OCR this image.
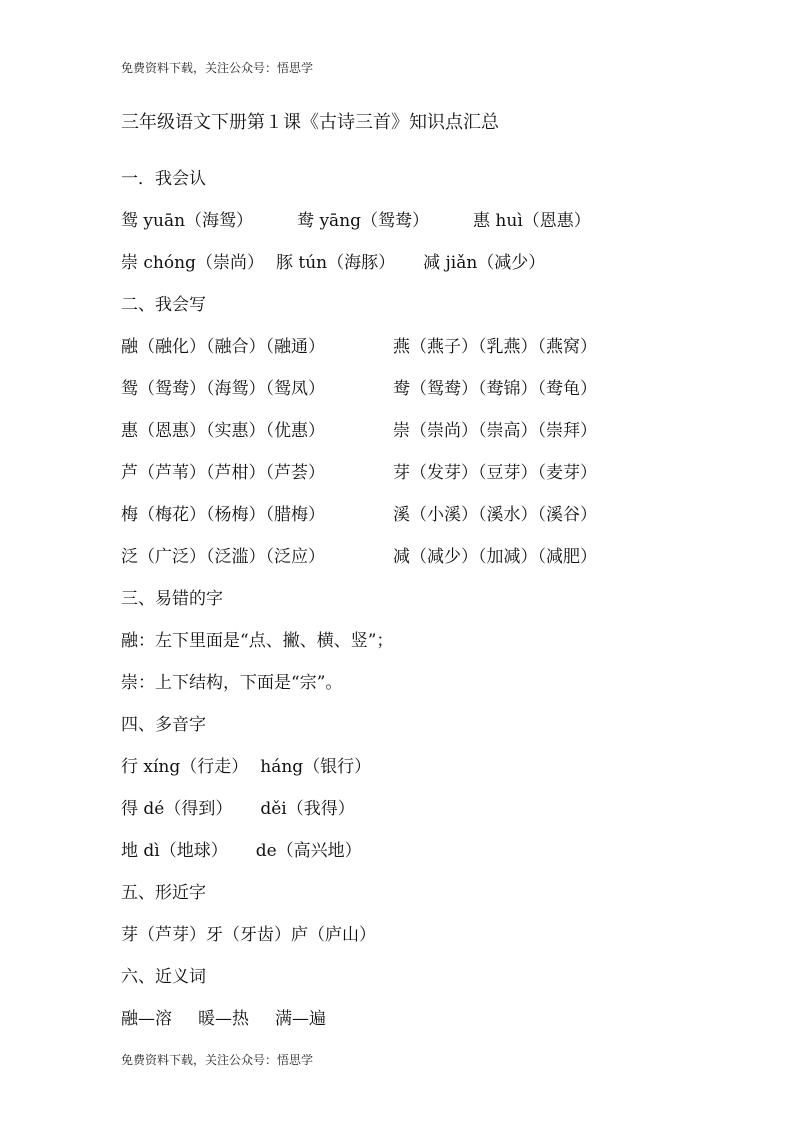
免费资料下载，关注公众号：悟思学
三年级语文下册第１课《古诗三首》知识点汇总
一．我会认
鸳 yuān（海鸳）	鸯 yāng（鸳鸯）	惠 huì（恩惠）
崇 chóng（崇尚） 豚 tún（海豚） 减 jiǎn（减少）
二、我会写
融（融化）（融合）（融通）	燕（燕子）（乳燕）（燕窝）
鸳（鸳鸯）（海鸳）（鸳凤）	鸯（鸳鸯）（鸯锦）（鸯龟）
惠（恩惠）（实惠）（优惠）	崇（崇尚）（崇高）（崇拜）
芦（芦苇）（芦柑）（芦荟）	芽（发芽）（豆芽）（麦芽）
梅（梅花）（杨梅）（腊梅）	溪（小溪）（溪水）（溪谷）
泛（广泛）（泛滥）（泛应）	减（减少）（加减）（减肥）
三、易错的字
融：左下里面是“点、撇、横、竖”；
崇：上下结构，下面是“宗”。
四、多音字
行 xíng（行走） háng（银行）
得 dé（得到） děi（我得）
地 dì（地球） de（高兴地）
五、形近字
芽（芦芽）牙（牙齿）庐（庐山）
六、近义词
融—溶 暖—热 满—遍
免费资料下载，关注公众号：悟思学
